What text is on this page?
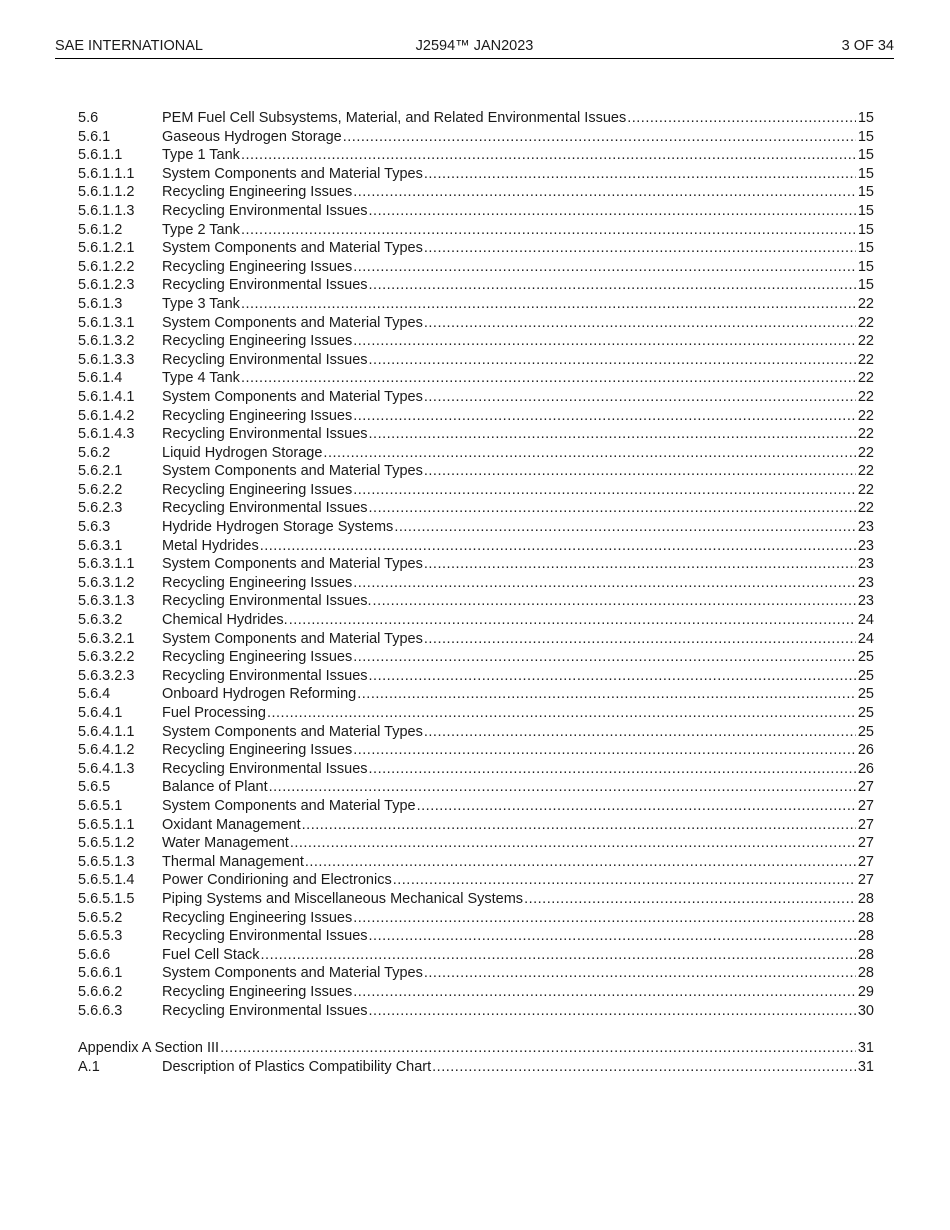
SAE INTERNATIONAL	J2594™ JAN2023	3 OF 34
5.6	PEM Fuel Cell Subsystems, Material, and Related Environmental Issues .....	15
5.6.1	Gaseous Hydrogen Storage .....	15
5.6.1.1	Type 1 Tank .....	15
5.6.1.1.1	System Components and Material Types .....	15
5.6.1.1.2	Recycling Engineering Issues .....	15
5.6.1.1.3	Recycling Environmental Issues .....	15
5.6.1.2	Type 2 Tank .....	15
5.6.1.2.1	System Components and Material Types .....	15
5.6.1.2.2	Recycling Engineering Issues .....	15
5.6.1.2.3	Recycling Environmental Issues .....	15
5.6.1.3	Type 3 Tank .....	22
5.6.1.3.1	System Components and Material Types .....	22
5.6.1.3.2	Recycling Engineering Issues .....	22
5.6.1.3.3	Recycling Environmental Issues .....	22
5.6.1.4	Type 4 Tank .....	22
5.6.1.4.1	System Components and Material Types .....	22
5.6.1.4.2	Recycling Engineering Issues .....	22
5.6.1.4.3	Recycling Environmental Issues .....	22
5.6.2	Liquid Hydrogen Storage .....	22
5.6.2.1	System Components and Material Types .....	22
5.6.2.2	Recycling Engineering Issues .....	22
5.6.2.3	Recycling Environmental Issues .....	22
5.6.3	Hydride Hydrogen Storage Systems .....	23
5.6.3.1	Metal Hydrides .....	23
5.6.3.1.1	System Components and Material Types .....	23
5.6.3.1.2	Recycling Engineering Issues .....	23
5.6.3.1.3	Recycling Environmental Issues. .....	23
5.6.3.2	Chemical Hydrides. .....	24
5.6.3.2.1	System Components and Material Types .....	24
5.6.3.2.2	Recycling Engineering Issues .....	25
5.6.3.2.3	Recycling Environmental Issues .....	25
5.6.4	Onboard Hydrogen Reforming .....	25
5.6.4.1	Fuel Processing .....	25
5.6.4.1.1	System Components and Material Types .....	25
5.6.4.1.2	Recycling Engineering Issues .....	26
5.6.4.1.3	Recycling Environmental Issues .....	26
5.6.5	Balance of Plant .....	27
5.6.5.1	System Components and Material Type .....	27
5.6.5.1.1	Oxidant Management .....	27
5.6.5.1.2	Water Management .....	27
5.6.5.1.3	Thermal Management .....	27
5.6.5.1.4	Power Condirioning and Electronics .....	27
5.6.5.1.5	Piping Systems and Miscellaneous Mechanical Systems .....	28
5.6.5.2	Recycling Engineering Issues .....	28
5.6.5.3	Recycling Environmental Issues .....	28
5.6.6	Fuel Cell Stack .....	28
5.6.6.1	System Components and Material Types .....	28
5.6.6.2	Recycling Engineering Issues .....	29
5.6.6.3	Recycling Environmental Issues .....	30
Appendix A Section III .....	31
A.1	Description of Plastics Compatibility Chart .....	31
